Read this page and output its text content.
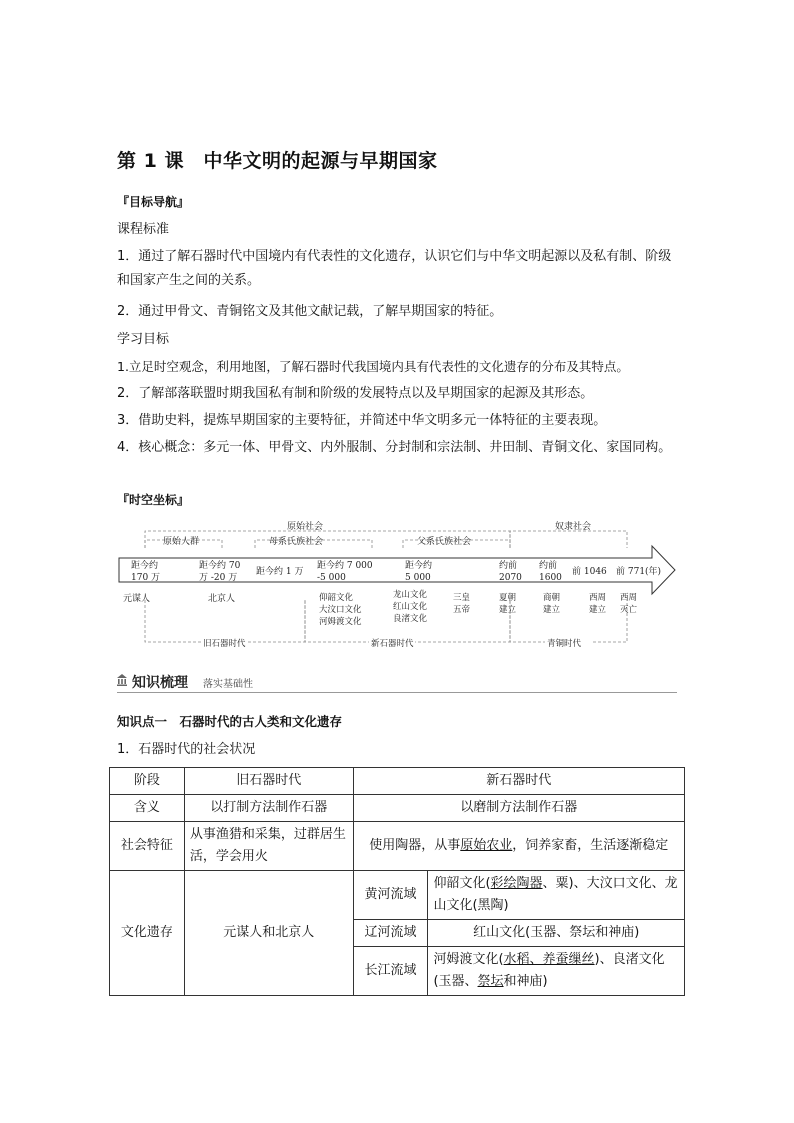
第 1 课　中华文明的起源与早期国家
『目标导航』
课程标准
1．通过了解石器时代中国境内有代表性的文化遗存，认识它们与中华文明起源以及私有制、阶级和国家产生之间的关系。
2．通过甲骨文、青铜铭文及其他文献记载，了解早期国家的特征。
学习目标
1.立足时空观念，利用地图，了解石器时代我国境内具有代表性的文化遗存的分布及其特点。
2．了解部落联盟时期我国私有制和阶级的发展特点以及早期国家的起源及其形态。
3．借助史料，提炼早期国家的主要特征，并简述中华文明多元一体特征的主要表现。
4．核心概念：多元一体、甲骨文、内外服制、分封制和宗法制、井田制、青铜文化、家国同构。
『时空坐标』
原始社会	奴隶社会
原始人群	母系氏族社会	父系氏族社会
距今约
170 万
距今约 70
万 -20 万
距今约 1 万
距今约 7 000
-5 000
距今约
5 000
约前
2070
约前
1600
前 1046 前 771(年)
元谋人	北京人	仰韶文化
大汶口文化
河姆渡文化
龙山文化
红山文化
良渚文化
三皇
五帝
夏朝
建立
商朝
建立
西周
建立
西周
灭亡
旧石器时代	新石器时代	青铜时代
知识梳理 落实基础性
知识点一　石器时代的古人类和文化遗存
1．石器时代的社会状况
阶段	旧石器时代	新石器时代	
含义	以打制方法制作石器	以磨制方法制作石器	
社会特征	从事渔猎和采集，过群居生活，学会用火	使用陶器，从事原始农业，饲养家畜，生活逐渐稳定	
文化遗存	元谋人和北京人	黄河流域	仰韶文化(彩绘陶器、粟)、大汶口文化、龙山文化(黑陶)
		辽河流域	红山文化(玉器、祭坛和神庙)
		长江流域	河姆渡文化(水稻、养蚕缫丝)、良渚文化(玉器、祭坛和神庙)
